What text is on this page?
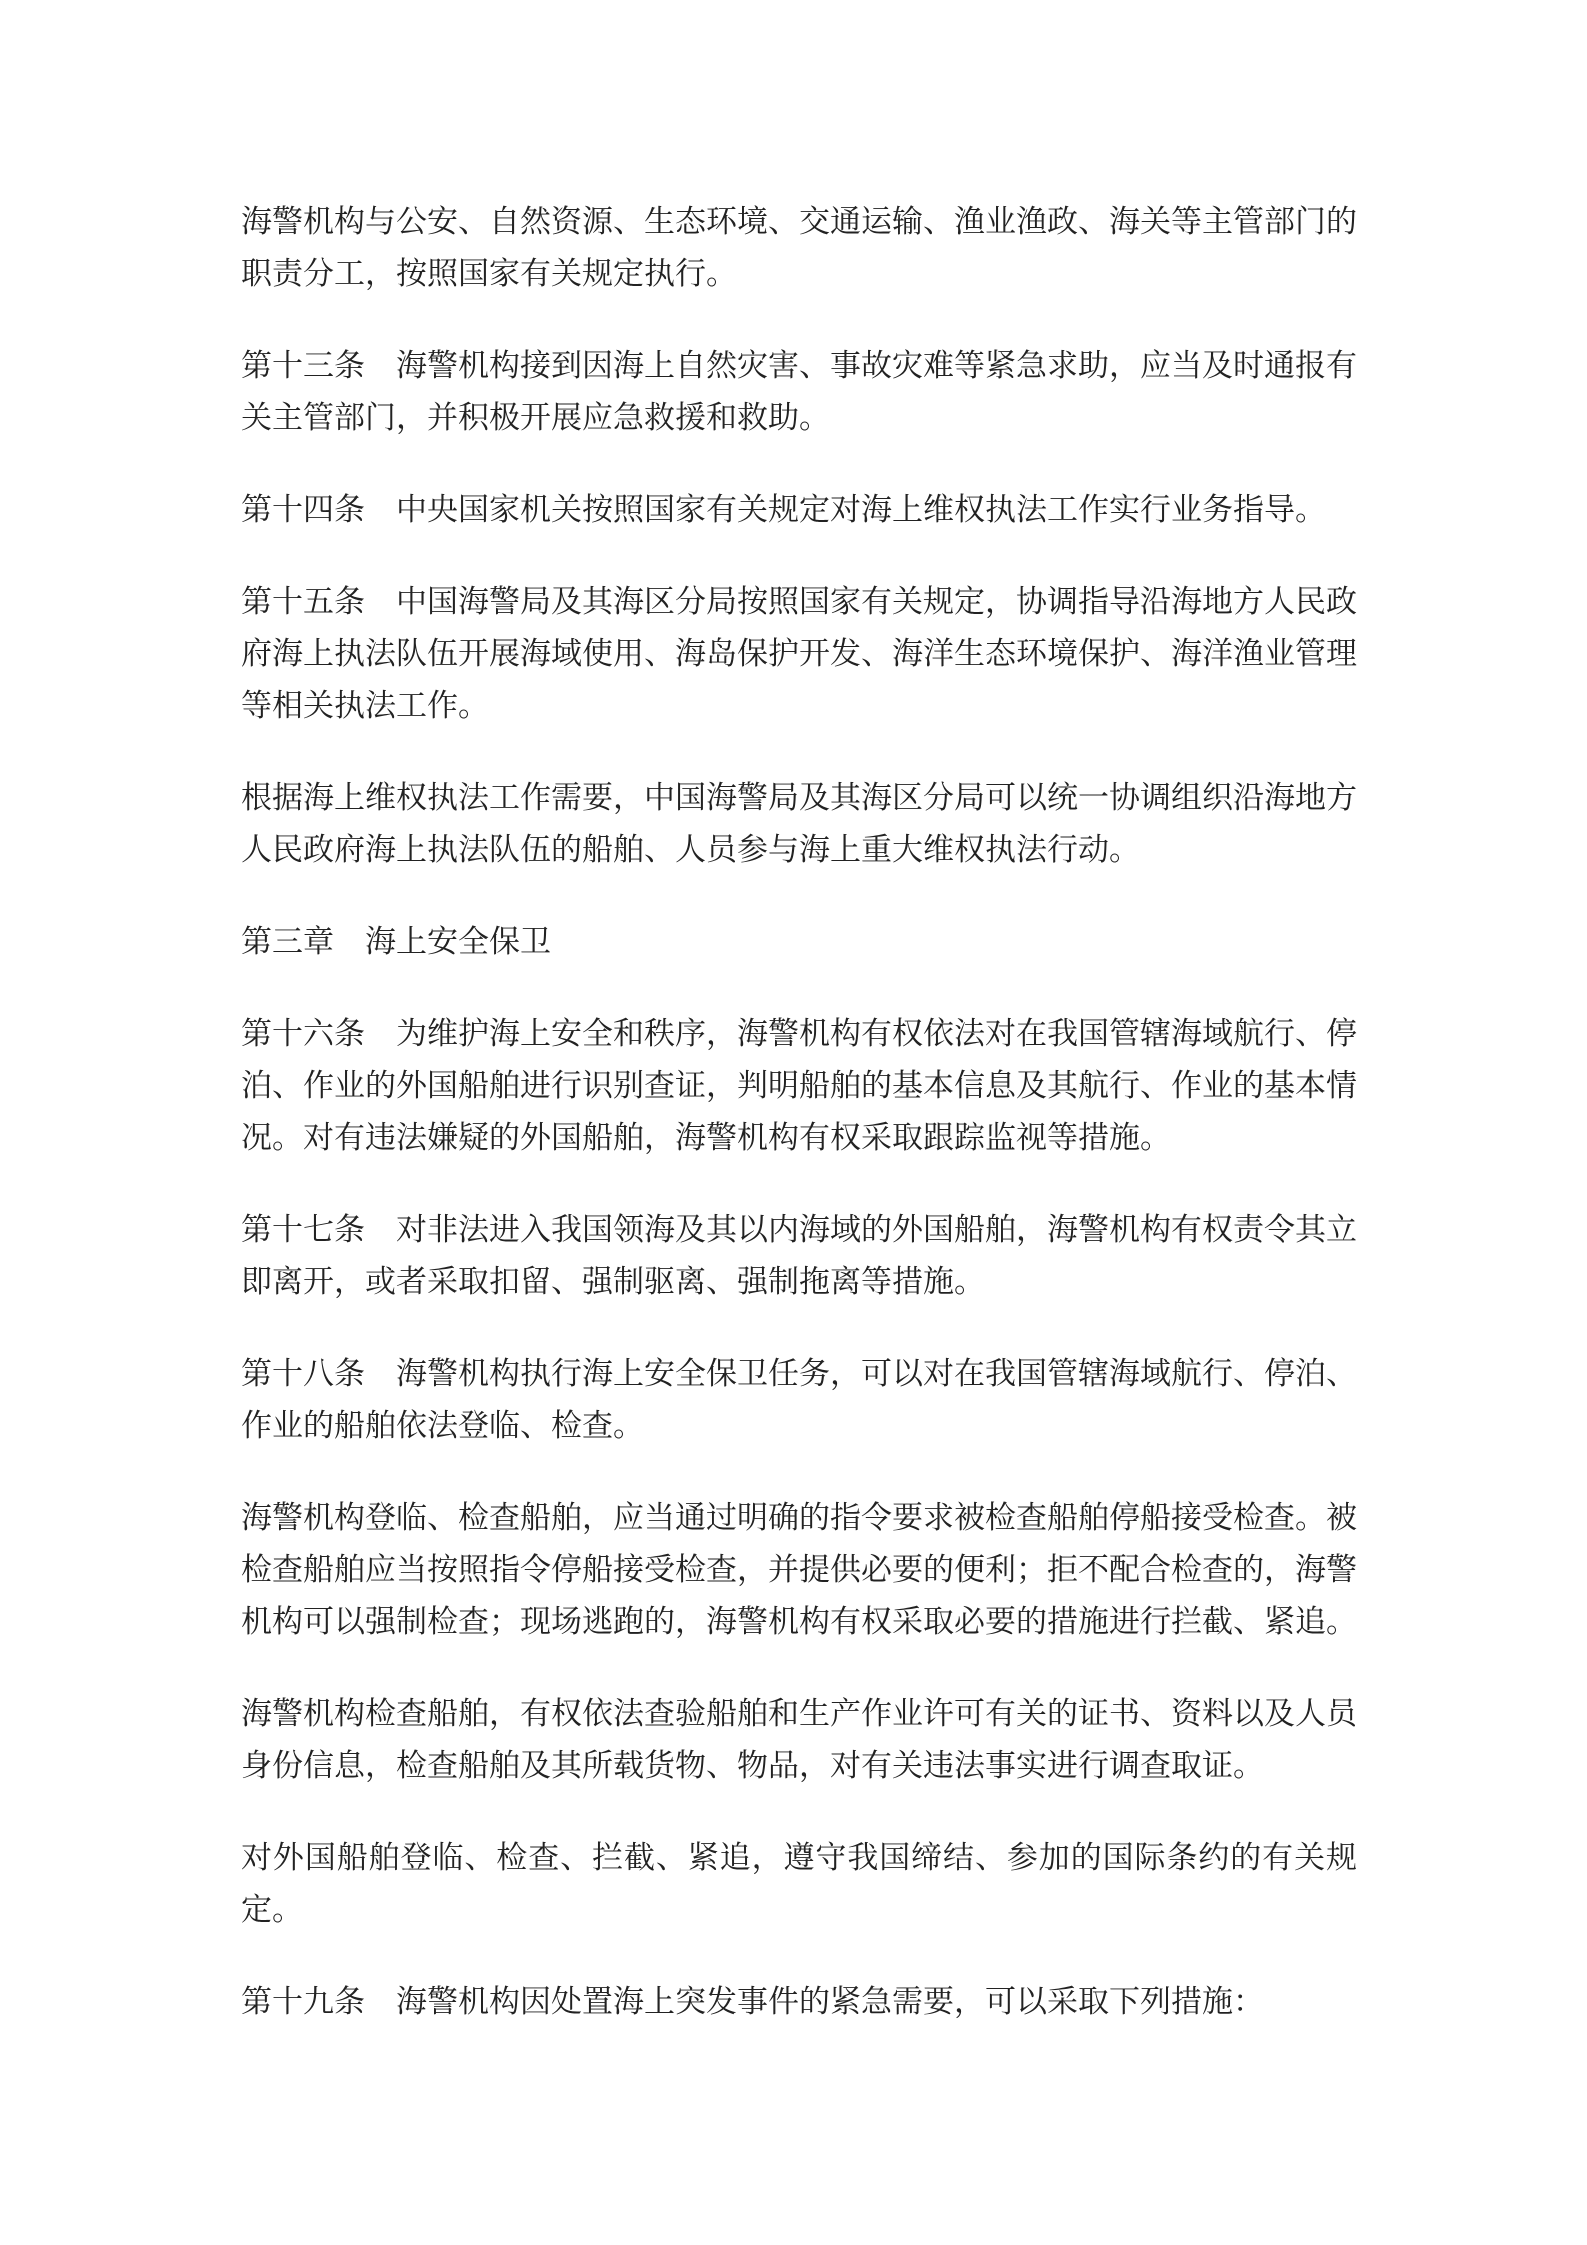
海警机构与公安、自然资源、生态环境、交通运输、渔业渔政、海关等主管部门的职责分工，按照国家有关规定执行。

第十三条　海警机构接到因海上自然灾害、事故灾难等紧急求助，应当及时通报有关主管部门，并积极开展应急救援和救助。

第十四条　中央国家机关按照国家有关规定对海上维权执法工作实行业务指导。

第十五条　中国海警局及其海区分局按照国家有关规定，协调指导沿海地方人民政府海上执法队伍开展海域使用、海岛保护开发、海洋生态环境保护、海洋渔业管理等相关执法工作。

根据海上维权执法工作需要，中国海警局及其海区分局可以统一协调组织沿海地方人民政府海上执法队伍的船舶、人员参与海上重大维权执法行动。

第三章　海上安全保卫

第十六条　为维护海上安全和秩序，海警机构有权依法对在我国管辖海域航行、停泊、作业的外国船舶进行识别查证，判明船舶的基本信息及其航行、作业的基本情况。对有违法嫌疑的外国船舶，海警机构有权采取跟踪监视等措施。

第十七条　对非法进入我国领海及其以内海域的外国船舶，海警机构有权责令其立即离开，或者采取扣留、强制驱离、强制拖离等措施。

第十八条　海警机构执行海上安全保卫任务，可以对在我国管辖海域航行、停泊、作业的船舶依法登临、检查。

海警机构登临、检查船舶，应当通过明确的指令要求被检查船舶停船接受检查。被检查船舶应当按照指令停船接受检查，并提供必要的便利；拒不配合检查的，海警机构可以强制检查；现场逃跑的，海警机构有权采取必要的措施进行拦截、紧追。

海警机构检查船舶，有权依法查验船舶和生产作业许可有关的证书、资料以及人员身份信息，检查船舶及其所载货物、物品，对有关违法事实进行调查取证。

对外国船舶登临、检查、拦截、紧追，遵守我国缔结、参加的国际条约的有关规定。

第十九条　海警机构因处置海上突发事件的紧急需要，可以采取下列措施：
